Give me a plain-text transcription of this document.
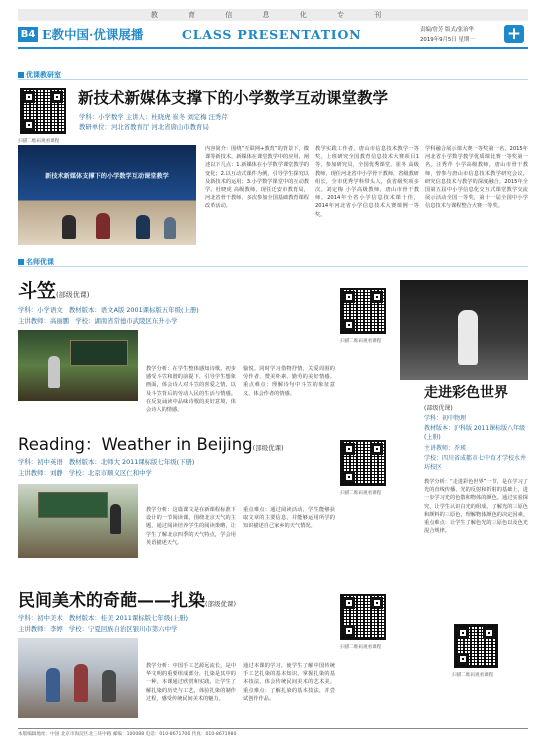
教 育 信 息 化 专 刊
B4 E教中国·优课展播	CLASS PRESENTATION	责编/詹芳 版式/张治华
2019年9月5日 星期一 +
优课教研室
扫描二维码观看课程
新技术新媒体支撑下的小学数学互动课堂教学
学科：小学数学 主讲人：杜晓虎 崔冬 刘定梅 汪秀芹
教研单位：河北省教育厅 河北省唐山市教育局
新技术新媒体支撑下的小学数学互动课堂教学
内容简介：围绕“互联网+教育”的背景下，微课等新技术、新媒体在课堂教学中的应用，阐述以下几点：1.新媒体在小学数学课堂教学的变化；2.以互动式课件为例，引导学生探究以及新技术的运用；3.小学数学课堂中的互动教学。杜晓虎 高级教师，现任迁安市教育局，河北省骨干教师，多次参加全国基础教育课程改革活动。
教学实践工作者，唐山市信息技术教学一等奖。上班研究全国教育信息技术大赛项目1等，参加研究员，全国优秀课堂。崔冬 高级教师，现任河北省中小学骨干教师，省级教研组长，全市优秀学科带头人，获省级奖项多次。刘定梅 小学高级教师，唐山市骨干教师。2014年全省小学信息技术课十佳，2014年河北省小学信息技术大赛课例一等奖。
学科融合展示课大赛一等奖第一名，2015年河北省小学数学教学优质课比赛一等奖第一名。汪秀芹 小学高级教师，唐山市骨干教师，曾参与唐山市信息技术教学研究会议，研究信息技术与教学的深度融合。2015年全国第五届中小学信息化交互式课堂教学交流展示活动全国一等奖，第十一届全国中小学信息技术与课程整合大赛一等奖。
名师优课
斗笠(部级优课)
学科：小学语文 教材版本：语文A版 2001课标版五年级(上册)
主讲教师：高丽鹏 学校：湖南省常德市武陵区东升小学
扫描二维码观看课程
教学分析：在学生整体感知诗歌，初步感受斗笠和谐的前提下，引导学生想象画面，体会诗人对斗笠的喜爱之情，以及斗笠背后的劳动人民的生活与情感。在反复诵读中品味诗歌的美好意境，体会诗人的情感。
愉悦。同时学习借物抒情，关爱周围的劳作者，赞美朴素、勤劳的美好情感。重点难点：理解诗句中斗笠的象征意义，体会作者的情感。	走进彩色世界
(部级优课)
学科：初中物理
教材版本：沪科版 2011课标版八年级(上册)
主讲教师：乔瑛
学校：四川省成都市七中育才学校水井坊校区
教学分析：“走进彩色世界”一节，是在学习了光的直线传播、光的反射和折射的基础上，进一步学习光的色散和物体的颜色。通过实验探究，让学生认识白光的组成，了解光的三原色和颜料的三原色，理解物体颜色的决定因素。重点难点：让学生了解色光的三原色以及色光混合规律。
扫描二维码观看课程
Reading：Weather in Beijing(部级优课)
学科：初中英语 教材版本：北师大 2011课标版七年级(下册)
主讲教师：刘静 学校：北京市顺义区仁和中学
扫描二维码观看课程
教学分析：这篇课文是在新课程标准下设计的一节阅读课。围绕北京天气的主题，通过阅读培养学生的阅读策略，让学生了解北京四季的天气特点，学会用英语描述天气。
重点难点：通过阅读活动，学生能够获取文章的主要信息，并能够运用所学的知识描述自己家乡的天气情况。
民间美术的奇葩——扎染(部级优课)
学科：初中美术 教材版本：桂美 2011课标版七年级(上册)
主讲教师：李婷 学校：宁夏回族自治区银川市第六中学
扫描二维码观看课程
教学分析：中国手工艺源远流长，是中华文明的重要组成部分，扎染是其中的一种。本课通过欣赏和实践，让学生了解扎染的历史与工艺，体验扎染的制作过程，感受传统民间美术的魅力。
通过本课的学习，使学生了解中国传统手工艺扎染的基本知识，掌握扎染的基本技法，体会传统民间美术的艺术美。重点难点：了解扎染的基本技法，并尝试创作作品。
本版编辑地址：中国 北京市海淀区北三环中路 邮编：100088 电话：010-8671706 传真：010-8671980
